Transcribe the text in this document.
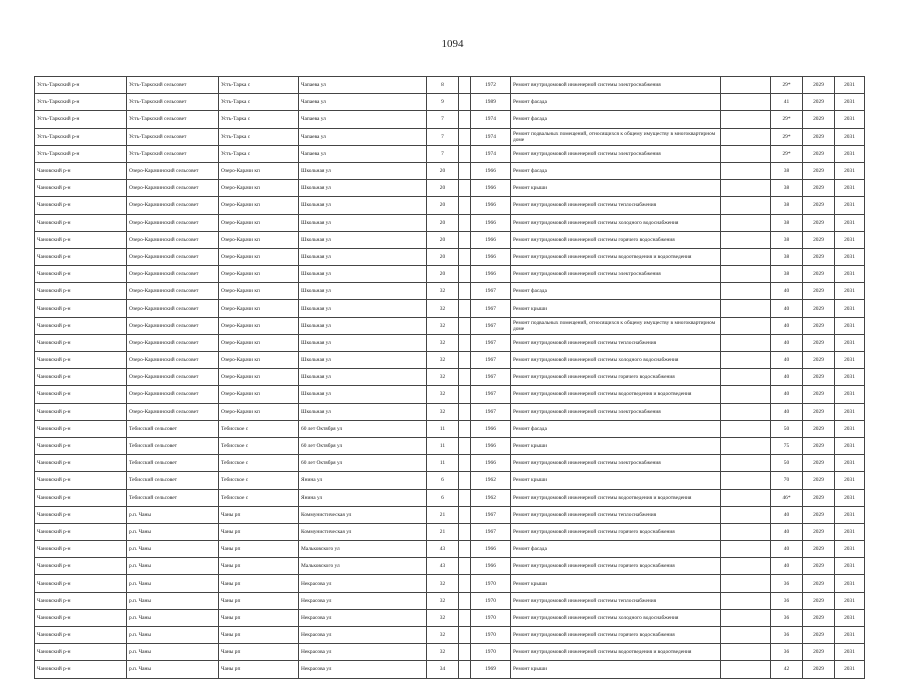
1094
Усть-Таркский р-н	Усть-Таркский сельсовет	Усть-Тарка с	Чапаева ул	8		1972	Ремонт внутридомовой инженерной системы электроснабжения		29*	2029	2031
Усть-Таркский р-н	Усть-Таркский сельсовет	Усть-Тарка с	Чапаева ул	9		1989	Ремонт фасада		41	2029	2031
Усть-Таркский р-н	Усть-Таркский сельсовет	Усть-Тарка с	Чапаева ул	7		1974	Ремонт фасада		29*	2029	2031
Усть-Таркский р-н	Усть-Таркский сельсовет	Усть-Тарка с	Чапаева ул	7		1974	Ремонт подвальных помещений, относящихся к общему имуществу в многоквартирном доме		29*	2029	2031
Усть-Таркский р-н	Усть-Таркский сельсовет	Усть-Тарка с	Чапаева ул	7		1974	Ремонт внутридомовой инженерной системы электроснабжения		29*	2029	2031
Чановский р-н	Озеро-Карачинский сельсовет	Озеро-Карачи кп	Школьная ул	20		1966	Ремонт фасада		38	2029	2031
Чановский р-н	Озеро-Карачинский сельсовет	Озеро-Карачи кп	Школьная ул	20		1966	Ремонт крыши		38	2029	2031
Чановский р-н	Озеро-Карачинский сельсовет	Озеро-Карачи кп	Школьная ул	20		1966	Ремонт внутридомовой инженерной системы теплоснабжения		38	2029	2031
Чановский р-н	Озеро-Карачинский сельсовет	Озеро-Карачи кп	Школьная ул	20		1966	Ремонт внутридомовой инженерной системы холодного водоснабжения		38	2029	2031
Чановский р-н	Озеро-Карачинский сельсовет	Озеро-Карачи кп	Школьная ул	20		1966	Ремонт внутридомовой инженерной системы горячего водоснабжения		38	2029	2031
Чановский р-н	Озеро-Карачинский сельсовет	Озеро-Карачи кп	Школьная ул	20		1966	Ремонт внутридомовой инженерной системы водоотведения и водоотведения		38	2029	2031
Чановский р-н	Озеро-Карачинский сельсовет	Озеро-Карачи кп	Школьная ул	20		1966	Ремонт внутридомовой инженерной системы электроснабжения		38	2029	2031
Чановский р-н	Озеро-Карачинский сельсовет	Озеро-Карачи кп	Школьная ул	32		1967	Ремонт фасада		40	2029	2031
Чановский р-н	Озеро-Карачинский сельсовет	Озеро-Карачи кп	Школьная ул	32		1967	Ремонт крыши		40	2029	2031
Чановский р-н	Озеро-Карачинский сельсовет	Озеро-Карачи кп	Школьная ул	32		1967	Ремонт подвальных помещений, относящихся к общему имуществу в многоквартирном доме		40	2029	2031
Чановский р-н	Озеро-Карачинский сельсовет	Озеро-Карачи кп	Школьная ул	32		1967	Ремонт внутридомовой инженерной системы теплоснабжения		40	2029	2031
Чановский р-н	Озеро-Карачинский сельсовет	Озеро-Карачи кп	Школьная ул	32		1967	Ремонт внутридомовой инженерной системы холодного водоснабжения		40	2029	2031
Чановский р-н	Озеро-Карачинский сельсовет	Озеро-Карачи кп	Школьная ул	32		1967	Ремонт внутридомовой инженерной системы горячего водоснабжения		40	2029	2031
Чановский р-н	Озеро-Карачинский сельсовет	Озеро-Карачи кп	Школьная ул	32		1967	Ремонт внутридомовой инженерной системы водоотведения и водоотведения		40	2029	2031
Чановский р-н	Озеро-Карачинский сельсовет	Озеро-Карачи кп	Школьная ул	32		1967	Ремонт внутридомовой инженерной системы электроснабжения		40	2029	2031
Чановский р-н	Тебисский сельсовет	Тебисское с	60 лет Октября ул	11		1966	Ремонт фасада		50	2029	2031
Чановский р-н	Тебисский сельсовет	Тебисское с	60 лет Октября ул	11		1966	Ремонт крыши		75	2029	2031
Чановский р-н	Тебисский сельсовет	Тебисское с	60 лет Октября ул	11		1966	Ремонт внутридомовой инженерной системы электроснабжения		50	2029	2031
Чановский р-н	Тебисский сельсовет	Тебисское с	Янина ул	6		1962	Ремонт крыши		70	2029	2031
Чановский р-н	Тебисский сельсовет	Тебисское с	Янина ул	6		1962	Ремонт внутридомовой инженерной системы водоотведения и водоотведения		46*	2029	2031
Чановский р-н	р.п. Чаны	Чаны рп	Коммунистическая ул	21		1967	Ремонт внутридомовой инженерной системы теплоснабжения		40	2029	2031
Чановский р-н	р.п. Чаны	Чаны рп	Коммунистическая ул	21		1967	Ремонт внутридомовой инженерной системы горячего водоснабжения		40	2029	2031
Чановский р-н	р.п. Чаны	Чаны рп	Мальковского ул	43		1966	Ремонт фасада		40	2029	2031
Чановский р-н	р.п. Чаны	Чаны рп	Мальковского ул	43		1966	Ремонт внутридомовой инженерной системы горячего водоснабжения		40	2029	2031
Чановский р-н	р.п. Чаны	Чаны рп	Некрасова ул	32		1970	Ремонт крыши		36	2029	2031
Чановский р-н	р.п. Чаны	Чаны рп	Некрасова ул	32		1970	Ремонт внутридомовой инженерной системы теплоснабжения		36	2029	2031
Чановский р-н	р.п. Чаны	Чаны рп	Некрасова ул	32		1970	Ремонт внутридомовой инженерной системы холодного водоснабжения		36	2029	2031
Чановский р-н	р.п. Чаны	Чаны рп	Некрасова ул	32		1970	Ремонт внутридомовой инженерной системы горячего водоснабжения		36	2029	2031
Чановский р-н	р.п. Чаны	Чаны рп	Некрасова ул	32		1970	Ремонт внутридомовой инженерной системы водоотведения и водоотведения		36	2029	2031
Чановский р-н	р.п. Чаны	Чаны рп	Некрасова ул	34		1969	Ремонт крыши		42	2029	2031
